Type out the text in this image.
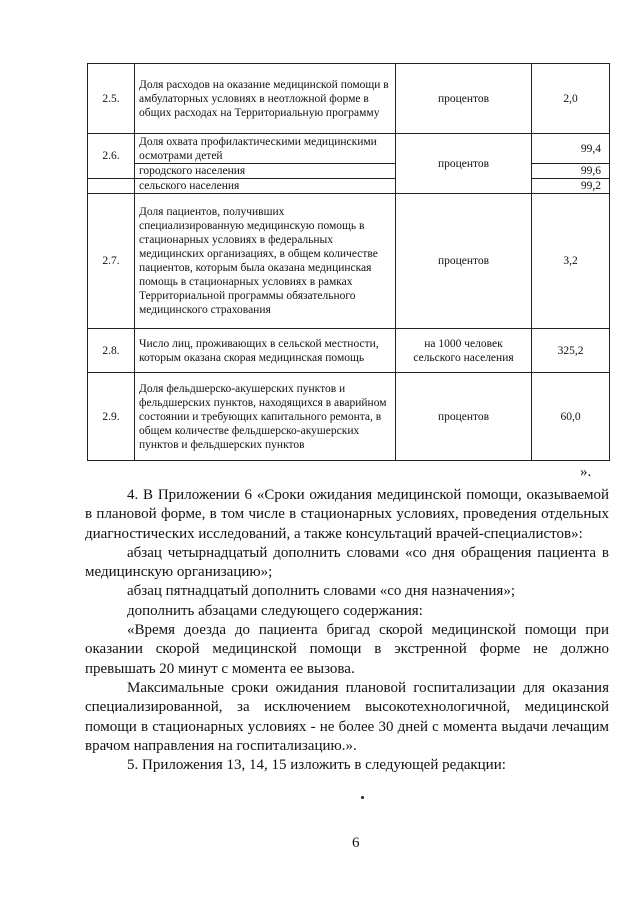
2.5.	Доля расходов на оказание медицинской помощи в амбулаторных условиях в неотложной форме в общих расходах на Территориальную программу	процентов	2,0
2.6.	Доля охвата профилактическими медицинскими осмотрами детей	процентов	99,4
	городского населения		99,6
	сельского населения		99,2
2.7.	Доля пациентов, получивших специализированную медицинскую помощь в стационарных условиях в федеральных медицинских организациях, в общем количестве пациентов, которым была оказана медицинская помощь в стационарных условиях в рамках Территориальной программы обязательного медицинского страхования	процентов	3,2
2.8.	Число лиц, проживающих в сельской местности, которым оказана скорая медицинская помощь	на 1000 человек сельского населения	325,2
2.9.	Доля фельдшерско-акушерских пунктов и фельдшерских пунктов, находящихся в аварийном состоянии и требующих капитального ремонта, в общем количестве фельдшерско-акушерских пунктов и фельдшерских пунктов	процентов	60,0
».

4. В Приложении 6 «Сроки ожидания медицинской помощи, оказываемой в плановой форме, в том числе в стационарных условиях, проведения отдельных диагностических исследований, а также консультаций врачей-специалистов»:

абзац четырнадцатый дополнить словами «со дня обращения пациента в медицинскую организацию»;

абзац пятнадцатый дополнить словами «со дня назначения»;

дополнить абзацами следующего содержания:

«Время доезда до пациента бригад скорой медицинской помощи при оказании скорой медицинской помощи в экстренной форме не должно превышать 20 минут с момента ее вызова.

Максимальные сроки ожидания плановой госпитализации для оказания специализированной, за исключением высокотехнологичной, медицинской помощи в стационарных условиях - не более 30 дней с момента выдачи лечащим врачом направления на госпитализацию.».

5. Приложения 13, 14, 15 изложить в следующей редакции:

6
